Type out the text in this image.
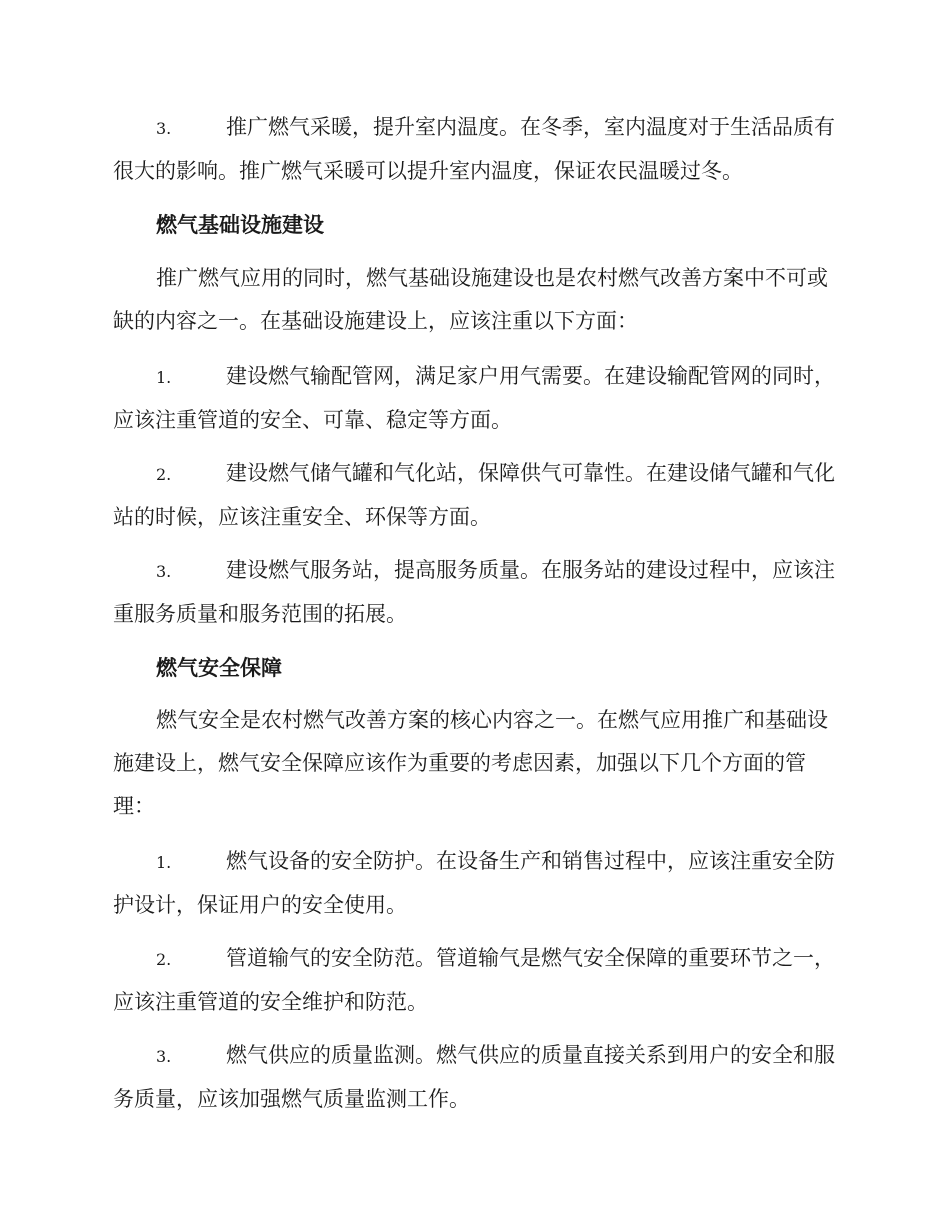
3.	推广燃气采暖，提升室内温度。在冬季，室内温度对于生活品质有很大的影响。推广燃气采暖可以提升室内温度，保证农民温暖过冬。

燃气基础设施建设

推广燃气应用的同时，燃气基础设施建设也是农村燃气改善方案中不可或缺的内容之一。在基础设施建设上，应该注重以下方面：

1.	建设燃气输配管网，满足家户用气需要。在建设输配管网的同时，应该注重管道的安全、可靠、稳定等方面。

2.	建设燃气储气罐和气化站，保障供气可靠性。在建设储气罐和气化站的时候，应该注重安全、环保等方面。

3.	建设燃气服务站，提高服务质量。在服务站的建设过程中，应该注重服务质量和服务范围的拓展。

燃气安全保障

燃气安全是农村燃气改善方案的核心内容之一。在燃气应用推广和基础设施建设上，燃气安全保障应该作为重要的考虑因素，加强以下几个方面的管理：

1.	燃气设备的安全防护。在设备生产和销售过程中，应该注重安全防护设计，保证用户的安全使用。

2.	管道输气的安全防范。管道输气是燃气安全保障的重要环节之一，应该注重管道的安全维护和防范。

3.	燃气供应的质量监测。燃气供应的质量直接关系到用户的安全和服务质量，应该加强燃气质量监测工作。
